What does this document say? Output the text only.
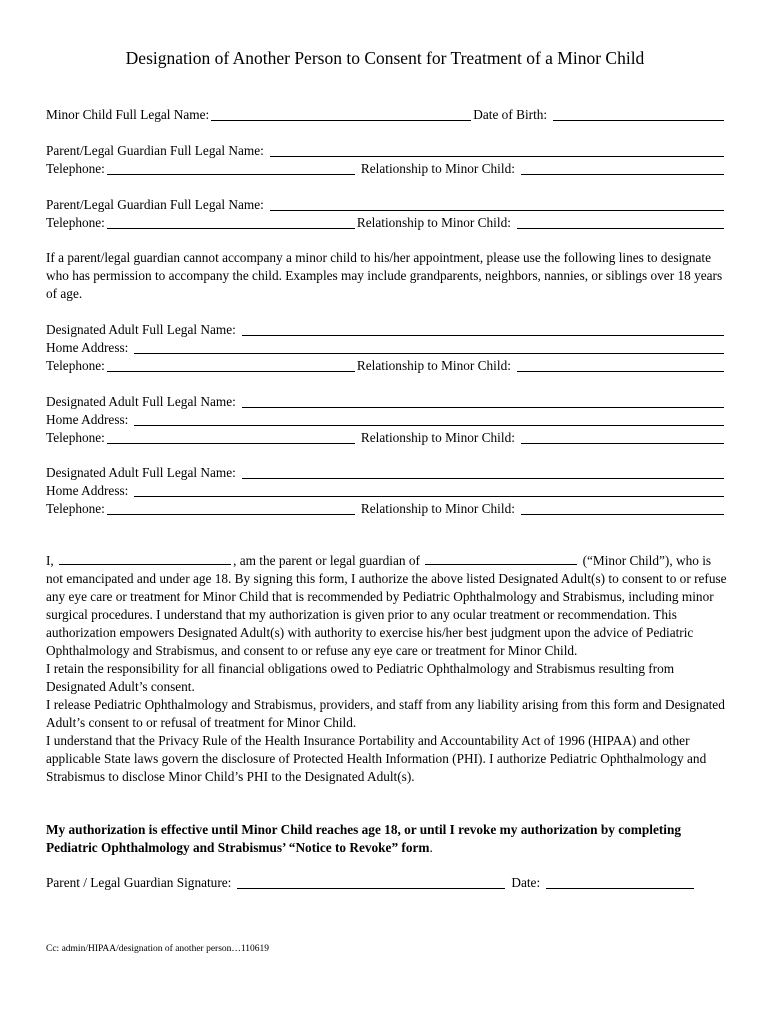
Designation of Another Person to Consent for Treatment of a Minor Child
Minor Child Full Legal Name:	Date of Birth:
Parent/Legal Guardian Full Legal Name:
Telephone:	Relationship to Minor Child:
Parent/Legal Guardian Full Legal Name:
Telephone:	Relationship to Minor Child:
If a parent/legal guardian cannot accompany a minor child to his/her appointment, please use the following lines to designate who has permission to accompany the child. Examples may include grandparents, neighbors, nannies, or siblings over 18 years of age.
Designated Adult Full Legal Name:
Home Address:
Telephone:	Relationship to Minor Child:
Designated Adult Full Legal Name:
Home Address:
Telephone:	Relationship to Minor Child:
Designated Adult Full Legal Name:
Home Address:
Telephone:	Relationship to Minor Child:

I,	, am the parent or legal guardian of	(“Minor Child”), who is not emancipated and under age 18. By signing this form, I authorize the above listed Designated Adult(s) to consent to or refuse any eye care or treatment for Minor Child that is recommended by Pediatric Ophthalmology and Strabismus, including minor surgical procedures. I understand that my authorization is given prior to any ocular treatment or recommendation. This authorization empowers Designated Adult(s) with authority to exercise his/her best judgment upon the advice of Pediatric Ophthalmology and Strabismus, and consent to or refuse any eye care or treatment for Minor Child.

I retain the responsibility for all financial obligations owed to Pediatric Ophthalmology and Strabismus resulting from Designated Adult’s consent.

I release Pediatric Ophthalmology and Strabismus, providers, and staff from any liability arising from this form and Designated Adult’s consent to or refusal of treatment for Minor Child.

I understand that the Privacy Rule of the Health Insurance Portability and Accountability Act of 1996 (HIPAA) and other applicable State laws govern the disclosure of Protected Health Information (PHI). I authorize Pediatric Ophthalmology and Strabismus to disclose Minor Child’s PHI to the Designated Adult(s).

My authorization is effective until Minor Child reaches age 18, or until I revoke my authorization by completing Pediatric Ophthalmology and Strabismus’ “Notice to Revoke” form.
Parent / Legal Guardian Signature:	Date:
Cc: admin/HIPAA/designation of another person…110619
